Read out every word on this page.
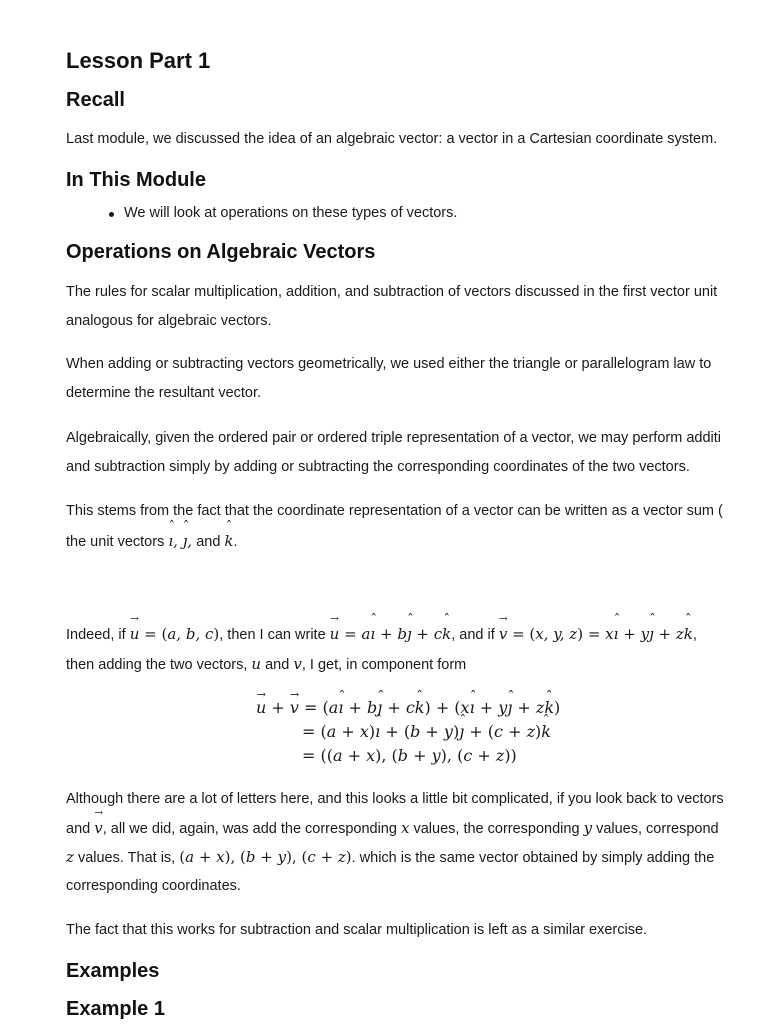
Lesson Part 1
Recall

Last module, we discussed the idea of an algebraic vector: a vector in a Cartesian coordinate system.

In This Module
We will look at operations on these types of vectors.
Operations on Algebraic Vectors

The rules for scalar multiplication, addition, and subtraction of vectors discussed in the first vector unit

analogous for algebraic vectors.

When adding or subtracting vectors geometrically, we used either the triangle or parallelogram law to

determine the resultant vector.

Algebraically, given the ordered pair or ordered triple representation of a vector, we may perform additi

and subtraction simply by adding or subtracting the corresponding coordinates of the two vectors.

This stems from the fact that the coordinate representation of a vector can be written as a vector sum (

the unit vectors ˆ ı, ˆ ȷ, and ˆ k.

Indeed, if → u = (a, b, c), then I can write → u = aˆ ı + bˆ ȷ + cˆ k, and if → v = (x, y, z) = xˆ ı + yˆ ȷ + zˆ k,

then adding the two vectors, u and v, I get, in component form

→ u + → v = (aˆ ı + bˆ ȷ + cˆ k) + (xˆ ı + yˆ ȷ + zˆ k)
= (a + x)ˆ ı + (b + y)ˆ ȷ + (c + z)ˆ k
= ((a + x), (b + y), (c + z))

Although there are a lot of letters here, and this looks a little bit complicated, if you look back to vectors

and → v, all we did, again, was add the corresponding x values, the corresponding y values, correspond

z values. That is, (a + x), (b + y), (c + z). which is the same vector obtained by simply adding the

corresponding coordinates.

The fact that this works for subtraction and scalar multiplication is left as a similar exercise.

Examples
Example 1
